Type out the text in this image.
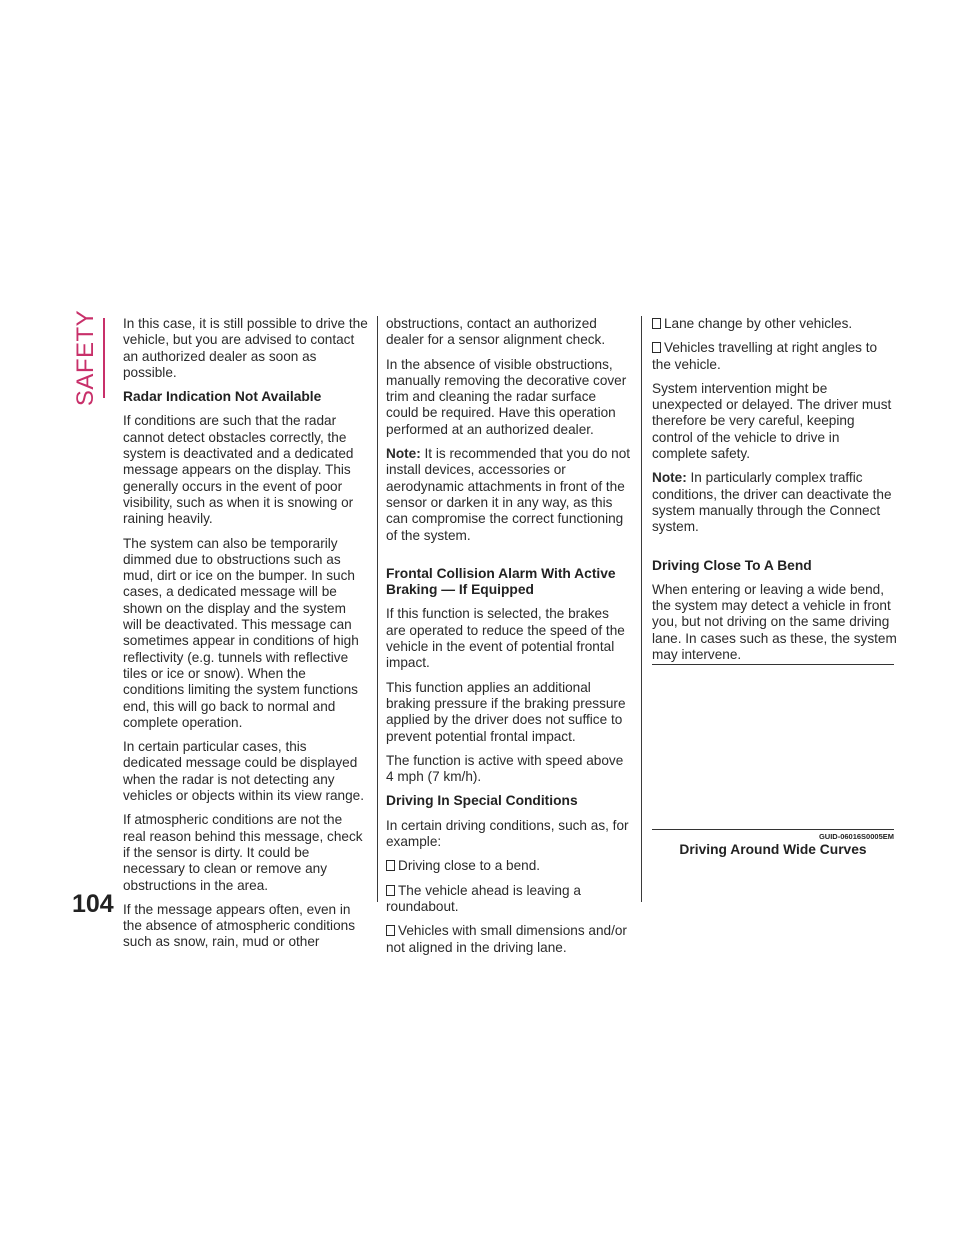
SAFETY
104

In this case, it is still possible to drive the vehicle, but you are advised to contact an authorized dealer as soon as possible.

Radar Indication Not Available

If conditions are such that the radar cannot detect obstacles correctly, the system is deactivated and a dedicated message appears on the display. This generally occurs in the event of poor visibility, such as when it is snowing or raining heavily.

The system can also be temporarily dimmed due to obstructions such as mud, dirt or ice on the bumper. In such cases, a dedicated message will be shown on the display and the system will be deactivated. This message can sometimes appear in conditions of high reflectivity (e.g. tunnels with reflective tiles or ice or snow). When the conditions limiting the system functions end, this will go back to normal and complete operation.

In certain particular cases, this dedicated message could be displayed when the radar is not detecting any vehicles or objects within its view range.

If atmospheric conditions are not the real reason behind this message, check if the sensor is dirty. It could be necessary to clean or remove any obstructions in the area.

If the message appears often, even in the absence of atmospheric conditions such as snow, rain, mud or other

obstructions, contact an authorized dealer for a sensor alignment check.

In the absence of visible obstructions, manually removing the decorative cover trim and cleaning the radar surface could be required. Have this operation performed at an authorized dealer.

Note: It is recommended that you do not install devices, accessories or aerodynamic attachments in front of the sensor or darken it in any way, as this can compromise the correct functioning of the system.

Frontal Collision Alarm With Active Braking — If Equipped

If this function is selected, the brakes are operated to reduce the speed of the vehicle in the event of potential frontal impact.

This function applies an additional braking pressure if the braking pressure applied by the driver does not suffice to prevent potential frontal impact.

The function is active with speed above 4 mph (7 km/h).

Driving In Special Conditions

In certain driving conditions, such as, for example:

Driving close to a bend.

The vehicle ahead is leaving a roundabout.

Vehicles with small dimensions and/or not aligned in the driving lane.

Lane change by other vehicles.

Vehicles travelling at right angles to the vehicle.

System intervention might be unexpected or delayed. The driver must therefore be very careful, keeping control of the vehicle to drive in complete safety.

Note: In particularly complex traffic conditions, the driver can deactivate the system manually through the Connect system.

Driving Close To A Bend

When entering or leaving a wide bend, the system may detect a vehicle in front you, but not driving on the same driving lane. In cases such as these, the system may intervene.

GUID-06016S0005EM
Driving Around Wide Curves
